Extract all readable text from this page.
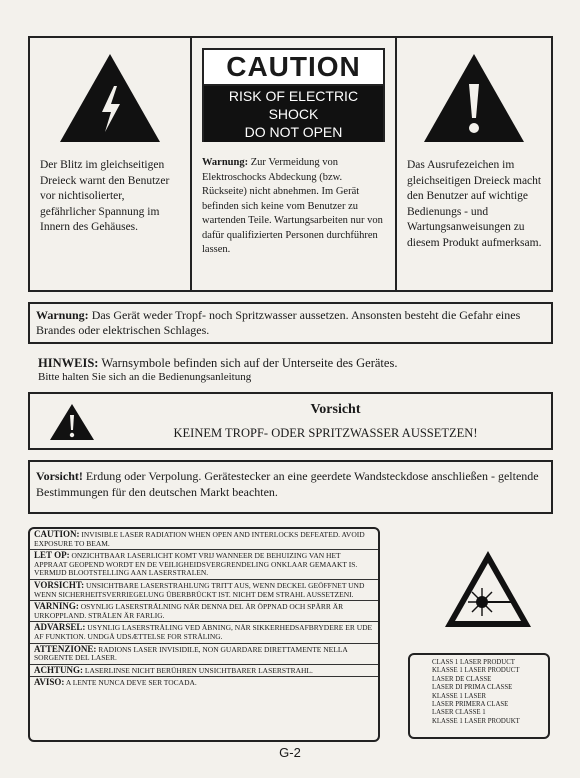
Der Blitz im gleichseitigen Dreieck warnt den Benutzer vor nichtisolierter, gefährlicher Spannung im Innern des Gehäuses.
CAUTION
RISK OF ELECTRIC SHOCK
DO NOT OPEN
Warnung: Zur Vermeidung von Elektroschocks Abdeckung (bzw. Rückseite) nicht abnehmen. Im Gerät befinden sich keine vom Benutzer zu wartenden Teile. Wartungsarbeiten nur von dafür qualifizierten Personen durchführen lassen.
Das Ausrufezeichen im gleichseitigen Dreieck macht den Benutzer auf wichtige Bedienungs - und Wartungsanweisungen zu diesem Produkt aufmerksam.
Warnung: Das Gerät weder Tropf- noch Spritzwasser aussetzen. Ansonsten besteht die Gefahr eines Brandes oder elektrischen Schlages.
HINWEIS: Warnsymbole befinden sich auf der Unterseite des Gerätes.
Bitte halten Sie sich an die Bedienungsanleitung
Vorsicht
KEINEM TROPF- ODER SPRITZWASSER AUSSETZEN!
Vorsicht! Erdung oder Verpolung. Gerätestecker an eine geerdete Wandsteckdose anschließen - geltende Bestimmungen für den deutschen Markt beachten.
CAUTION: INVISIBLE LASER RADIATION WHEN OPEN AND INTERLOCKS DEFEATED. AVOID EXPOSURE TO BEAM.
LET OP: ONZICHTBAAR LASERLICHT KOMT VRIJ WANNEER DE BEHUIZING VAN HET APPRAAT GEOPEND WORDT EN DE VEILIGHEIDSVERGRENDELING ONKLAAR GEMAAKT IS. VERMIJD BLOOTSTELLING AAN LASERSTRALEN.
VORSICHT: UNSICHTBARE LASERSTRAHLUNG TRITT AUS, WENN DECKEL GEÖFFNET UND WENN SICHERHEITSVERRIEGELUNG ÜBERBRÜCKT IST. NICHT DEM STRAHL AUSSETZENI.
VARNING: OSYNLIG LASERSTRÅLNING NÄR DENNA DEL ÄR ÖPPNAD OCH SPÄRR ÄR URKOPPLAND. STRÅLEN ÄR FARLIG.
ADVARSEL: USYNLIG LASERSTRÅLING VED ÅBNING, NÅR SIKKERHEDSAFBRYDERE ER UDE AF FUNKTION. UNDGÅ UDSÆTTELSE FOR STRÅLING.
ATTENZIONE: RADIONS LASER INVISIDILE, NON GUARDARE DIRETTAMENTE NELLA SORGENTE DEL LASER.
ACHTUNG: LASERLINSE NICHT BERÜHREN UNSICHTBARER LASERSTRAHL.
AVISO: A LENTE NUNCA DEVE SER TOCADA.
CLASS 1 LASER PRODUCT
KLASSE 1 LASER PRODUCT
LASER DE CLASSE
LASER DI PRIMA CLASSE
KLASSE 1 LASER
LASER PRIMERA CLASE
LASER CLASSE 1
KLASSE 1 LASER PRODUKT
G-2
